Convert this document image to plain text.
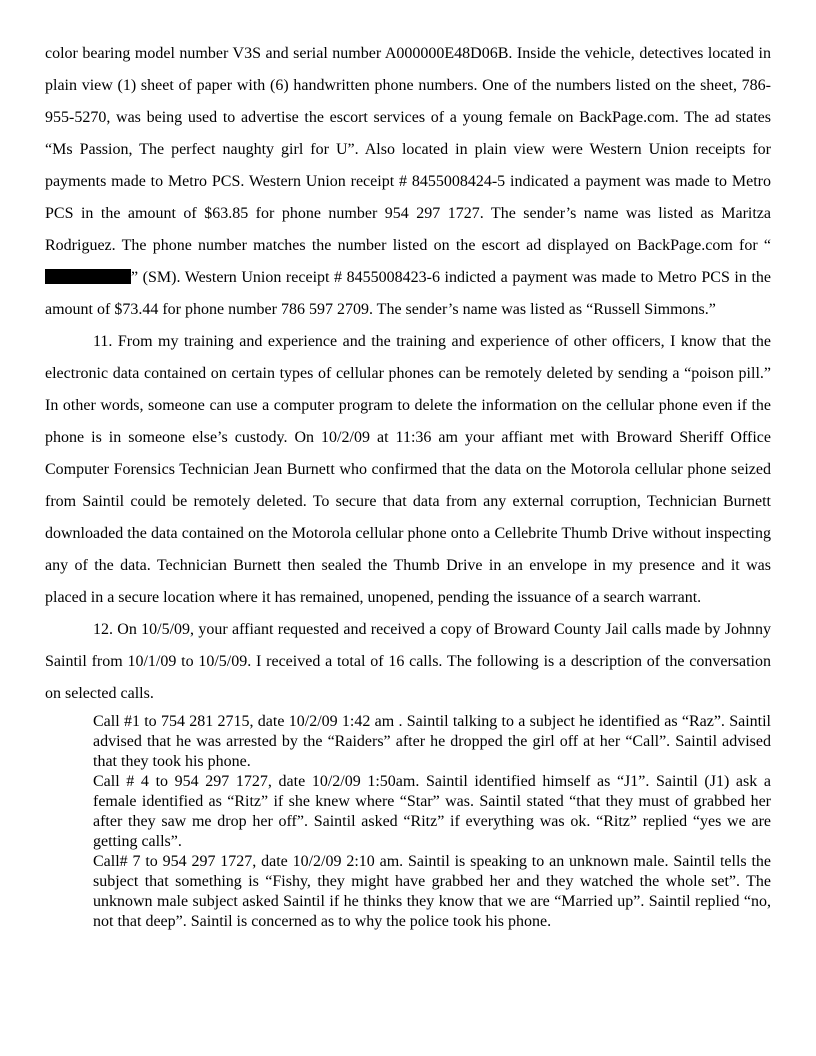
color bearing model number V3S and serial number A000000E48D06B. Inside the vehicle, detectives located in plain view (1) sheet of paper with (6) handwritten phone numbers. One of the numbers listed on the sheet, 786-955-5270, was being used to advertise the escort services of a young female on BackPage.com. The ad states “Ms Passion, The perfect naughty girl for U”. Also located in plain view were Western Union receipts for payments made to Metro PCS. Western Union receipt # 8455008424-5 indicated a payment was made to Metro PCS in the amount of $63.85 for phone number 954 297 1727. The sender’s name was listed as Maritza Rodriguez. The phone number matches the number listed on the escort ad displayed on BackPage.com for “” (SM). Western Union receipt # 8455008423-6 indicted a payment was made to Metro PCS in the amount of $73.44 for phone number 786 597 2709. The sender’s name was listed as “Russell Simmons.”

11. From my training and experience and the training and experience of other officers, I know that the electronic data contained on certain types of cellular phones can be remotely deleted by sending a “poison pill.” In other words, someone can use a computer program to delete the information on the cellular phone even if the phone is in someone else’s custody. On 10/2/09 at 11:36 am your affiant met with Broward Sheriff Office Computer Forensics Technician Jean Burnett who confirmed that the data on the Motorola cellular phone seized from Saintil could be remotely deleted. To secure that data from any external corruption, Technician Burnett downloaded the data contained on the Motorola cellular phone onto a Cellebrite Thumb Drive without inspecting any of the data. Technician Burnett then sealed the Thumb Drive in an envelope in my presence and it was placed in a secure location where it has remained, unopened, pending the issuance of a search warrant.

12. On 10/5/09, your affiant requested and received a copy of Broward County Jail calls made by Johnny Saintil from 10/1/09 to 10/5/09. I received a total of 16 calls. The following is a description of the conversation on selected calls.

Call #1 to 754 281 2715, date 10/2/09 1:42 am . Saintil talking to a subject he identified as “Raz”. Saintil advised that he was arrested by the “Raiders” after he dropped the girl off at her “Call”. Saintil advised that they took his phone.

Call # 4 to 954 297 1727, date 10/2/09 1:50am. Saintil identified himself as “J1”. Saintil (J1) ask a female identified as “Ritz” if she knew where “Star” was. Saintil stated “that they must of grabbed her after they saw me drop her off”. Saintil asked “Ritz” if everything was ok. “Ritz” replied “yes we are getting calls”.

Call# 7 to 954 297 1727, date 10/2/09 2:10 am. Saintil is speaking to an unknown male. Saintil tells the subject that something is “Fishy, they might have grabbed her and they watched the whole set”. The unknown male subject asked Saintil if he thinks they know that we are “Married up”. Saintil replied “no, not that deep”. Saintil is concerned as to why the police took his phone.
